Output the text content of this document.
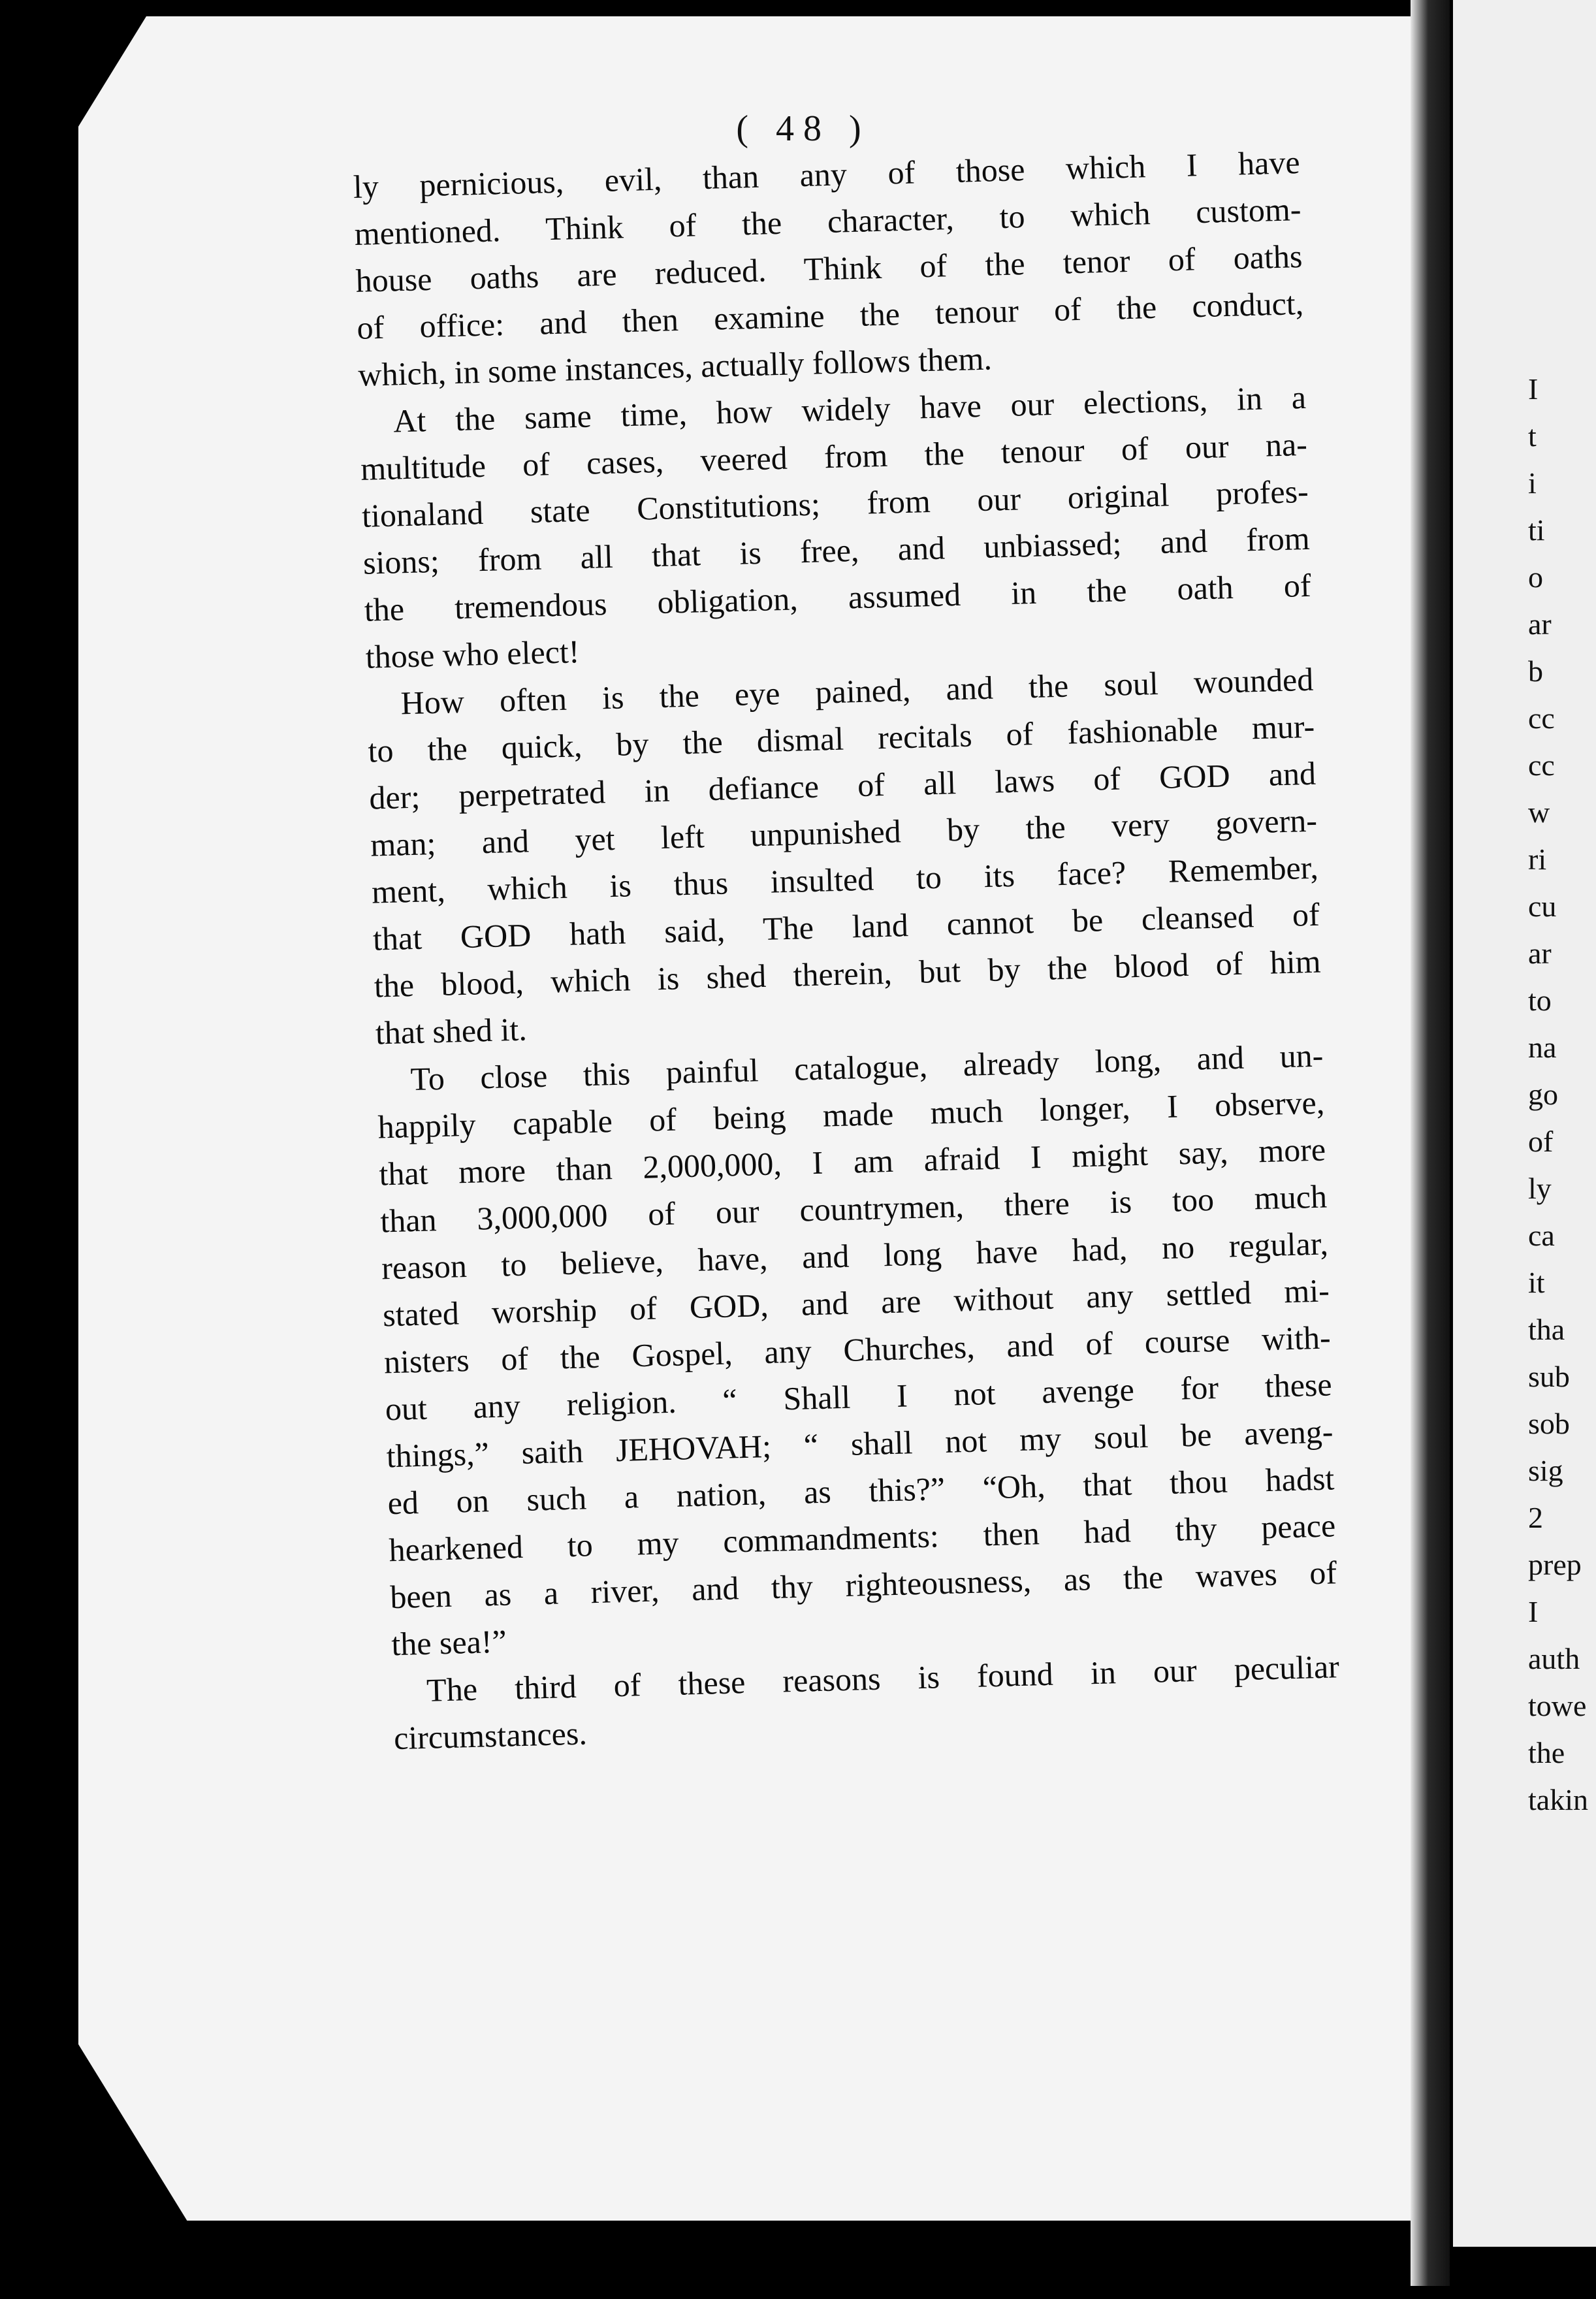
( 48 )
ly pernicious, evil, than any of those which I have
mentioned. Think of the character, to which custom-
house oaths are reduced. Think of the tenor of oaths
of office: and then examine the tenour of the conduct,
which, in some instances, actually follows them.
At the same time, how widely have our elections, in a
multitude of cases, veered from the tenour of our na-
tionaland state Constitutions; from our original profes-
sions; from all that is free, and unbiassed; and from
the tremendous obligation, assumed in the oath of
those who elect!
How often is the eye pained, and the soul wounded
to the quick, by the dismal recitals of fashionable mur-
der; perpetrated in defiance of all laws of GOD and
man; and yet left unpunished by the very govern-
ment, which is thus insulted to its face? Remember,
that GOD hath said, The land cannot be cleansed of
the blood, which is shed therein, but by the blood of him
that shed it.
To close this painful catalogue, already long, and un-
happily capable of being made much longer, I observe,
that more than 2,000,000, I am afraid I might say, more
than 3,000,000 of our countrymen, there is too much
reason to believe, have, and long have had, no regular,
stated worship of GOD, and are without any settled mi-
nisters of the Gospel, any Churches, and of course with-
out any religion. “ Shall I not avenge for these
things,” saith JEHOVAH; “ shall not my soul be aveng-
ed on such a nation, as this?” “Oh, that thou hadst
hearkened to my commandments: then had thy peace
been as a river, and thy righteousness, as the waves of
the sea!”
The third of these reasons is found in our peculiar
circumstances.
I
t
i
ti
o
ar
b
cc
cc
w
ri
cu
ar
to
na
go
of
ly
ca
it
tha
sub
sob
sig
2
prep
I
auth
towe
the
takin
